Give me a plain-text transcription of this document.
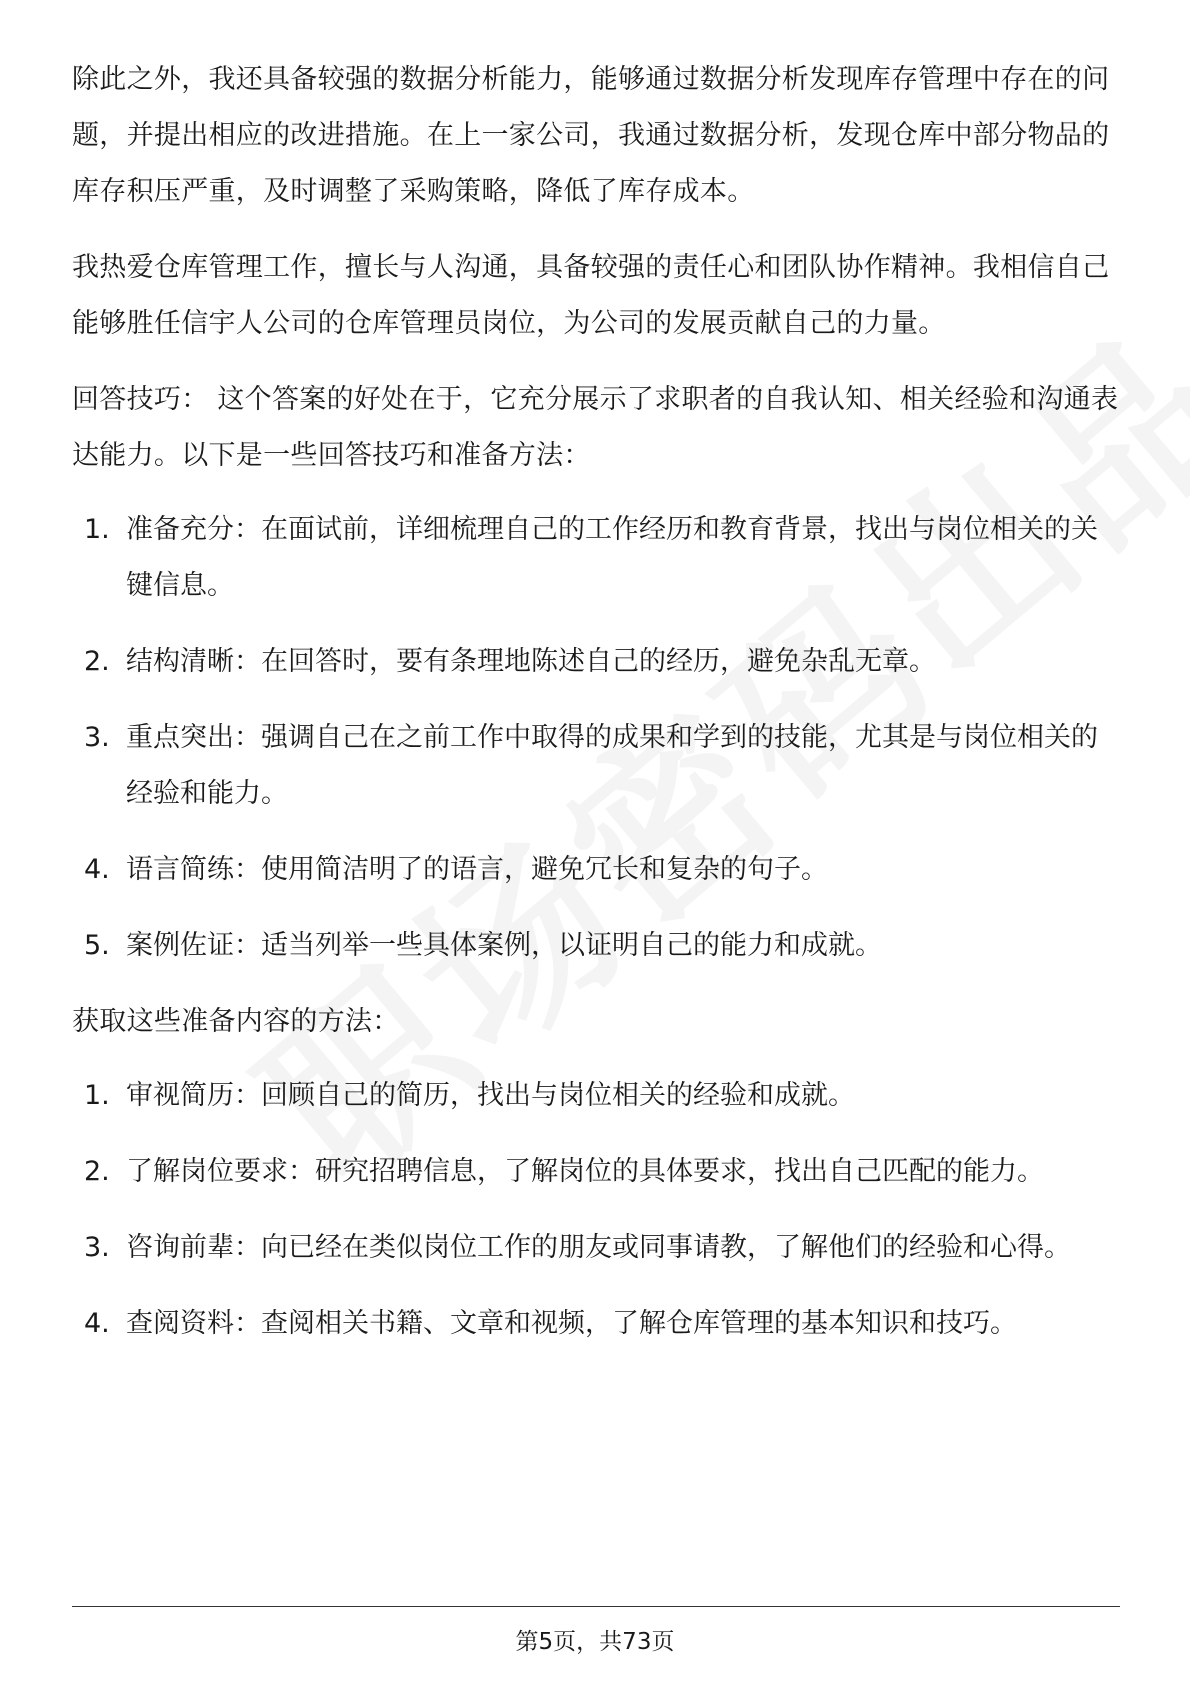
除此之外，我还具备较强的数据分析能力，能够通过数据分析发现库存管理中存在的问题，并提出相应的改进措施。在上一家公司，我通过数据分析，发现仓库中部分物品的库存积压严重，及时调整了采购策略，降低了库存成本。

我热爱仓库管理工作，擅长与人沟通，具备较强的责任心和团队协作精神。我相信自己能够胜任信宇人公司的仓库管理员岗位，为公司的发展贡献自己的力量。

回答技巧： 这个答案的好处在于，它充分展示了求职者的自我认知、相关经验和沟通表达能力。以下是一些回答技巧和准备方法：

1. 准备充分：在面试前，详细梳理自己的工作经历和教育背景，找出与岗位相关的关键信息。
2. 结构清晰：在回答时，要有条理地陈述自己的经历，避免杂乱无章。
3. 重点突出：强调自己在之前工作中取得的成果和学到的技能，尤其是与岗位相关的经验和能力。
4. 语言简练：使用简洁明了的语言，避免冗长和复杂的句子。
5. 案例佐证：适当列举一些具体案例，以证明自己的能力和成就。

获取这些准备内容的方法：

1. 审视简历：回顾自己的简历，找出与岗位相关的经验和成就。
2. 了解岗位要求：研究招聘信息，了解岗位的具体要求，找出自己匹配的能力。
3. 咨询前辈：向已经在类似岗位工作的朋友或同事请教，了解他们的经验和心得。
4. 查阅资料：查阅相关书籍、文章和视频，了解仓库管理的基本知识和技巧。
第5页，共73页
